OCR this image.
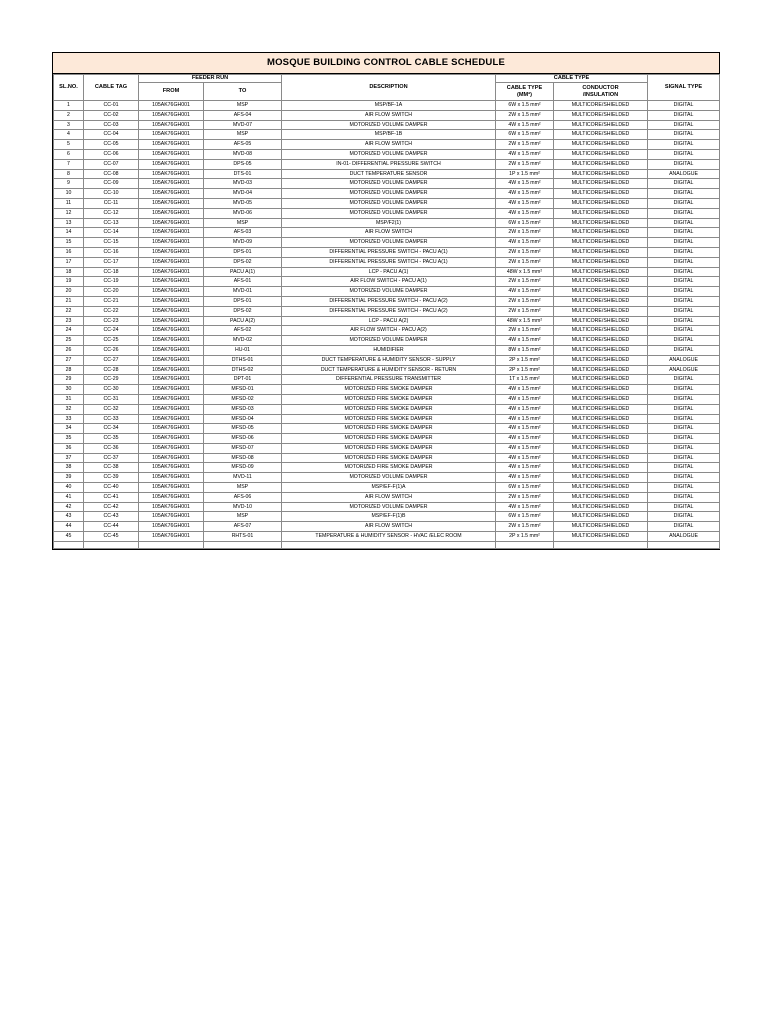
MOSQUE BUILDING CONTROL CABLE SCHEDULE
SL.NO.	CABLE TAG	FEEDER RUN		DESCRIPTION	CABLE TYPE		SIGNAL TYPE
		FROM	TO		CABLE TYPE (MM²)	CONDUCTOR /INSULATION	
1	CC-01	105AK76GH001	MSP	MSP/BF-1A	6W x 1.5 mm²	MULTICORE/SHIELDED	DIGITAL
2	CC-02	105AK76GH001	AFS-04	AIR FLOW SWITCH	2W x 1.5 mm²	MULTICORE/SHIELDED	DIGITAL
3	CC-03	105AK76GH001	MVD-07	MOTORIZED VOLUME DAMPER	4W x 1.5 mm²	MULTICORE/SHIELDED	DIGITAL
4	CC-04	105AK76GH001	MSP	MSP/BF-1B	6W x 1.5 mm²	MULTICORE/SHIELDED	DIGITAL
5	CC-05	105AK76GH001	AFS-05	AIR FLOW SWITCH	2W x 1.5 mm²	MULTICORE/SHIELDED	DIGITAL
6	CC-06	105AK76GH001	MVD-08	MOTORIZED VOLUME DAMPER	4W x 1.5 mm²	MULTICORE/SHIELDED	DIGITAL
7	CC-07	105AK76GH001	DPS-05	IN-01- DIFFERENTIAL PRESSURE SWITCH	2W x 1.5 mm²	MULTICORE/SHIELDED	DIGITAL
8	CC-08	105AK76GH001	DTS-01	DUCT TEMPERATURE SENSOR	1P x 1.5 mm²	MULTICORE/SHIELDED	ANALOGUE
9	CC-09	105AK76GH001	MVD-03	MOTORIZED VOLUME DAMPER	4W x 1.5 mm²	MULTICORE/SHIELDED	DIGITAL
10	CC-10	105AK76GH001	MVD-04	MOTORIZED VOLUME DAMPER	4W x 1.5 mm²	MULTICORE/SHIELDED	DIGITAL
11	CC-11	105AK76GH001	MVD-05	MOTORIZED VOLUME DAMPER	4W x 1.5 mm²	MULTICORE/SHIELDED	DIGITAL
12	CC-12	105AK76GH001	MVD-06	MOTORIZED VOLUME DAMPER	4W x 1.5 mm²	MULTICORE/SHIELDED	DIGITAL
13	CC-13	105AK76GH001	MSP	MSP/F2(1)	6W x 1.5 mm²	MULTICORE/SHIELDED	DIGITAL
14	CC-14	105AK76GH001	AFS-03	AIR FLOW SWITCH	2W x 1.5 mm²	MULTICORE/SHIELDED	DIGITAL
15	CC-15	105AK76GH001	MVD-09	MOTORIZED VOLUME DAMPER	4W x 1.5 mm²	MULTICORE/SHIELDED	DIGITAL
16	CC-16	105AK76GH001	DPS-01	DIFFERENTIAL PRESSURE SWITCH - PACU A(1)	2W x 1.5 mm²	MULTICORE/SHIELDED	DIGITAL
17	CC-17	105AK76GH001	DPS-02	DIFFERENTIAL PRESSURE SWITCH - PACU A(1)	2W x 1.5 mm²	MULTICORE/SHIELDED	DIGITAL
18	CC-18	105AK76GH001	PACU A(1)	LCP - PACU A(1)	48W x 1.5 mm²	MULTICORE/SHIELDED	DIGITAL
19	CC-19	105AK76GH001	AFS-01	AIR FLOW SWITCH - PACU A(1)	2W x 1.5 mm²	MULTICORE/SHIELDED	DIGITAL
20	CC-20	105AK76GH001	MVD-01	MOTORIZED VOLUME DAMPER	4W x 1.5 mm²	MULTICORE/SHIELDED	DIGITAL
21	CC-21	105AK76GH001	DPS-01	DIFFERENTIAL PRESSURE SWITCH - PACU A(2)	2W x 1.5 mm²	MULTICORE/SHIELDED	DIGITAL
22	CC-22	105AK76GH001	DPS-02	DIFFERENTIAL PRESSURE SWITCH - PACU A(2)	2W x 1.5 mm²	MULTICORE/SHIELDED	DIGITAL
23	CC-23	105AK76GH001	PACU A(2)	LCP - PACU A(2)	48W x 1.5 mm²	MULTICORE/SHIELDED	DIGITAL
24	CC-24	105AK76GH001	AFS-02	AIR FLOW SWITCH - PACU A(2)	2W x 1.5 mm²	MULTICORE/SHIELDED	DIGITAL
25	CC-25	105AK76GH001	MVD-02	MOTORIZED VOLUME DAMPER	4W x 1.5 mm²	MULTICORE/SHIELDED	DIGITAL
26	CC-26	105AK76GH001	HU-01	HUMIDIFIER	8W x 1.5 mm²	MULTICORE/SHIELDED	DIGITAL
27	CC-27	105AK76GH001	DTHS-01	DUCT TEMPERATURE & HUMIDITY SENSOR - SUPPLY	2P x 1.5 mm²	MULTICORE/SHIELDED	ANALOGUE
28	CC-28	105AK76GH001	DTHS-02	DUCT TEMPERATURE & HUMIDITY SENSOR - RETURN	2P x 1.5 mm²	MULTICORE/SHIELDED	ANALOGUE
29	CC-29	105AK76GH001	DPT-01	DIFFERENTIAL PRESSURE TRANSMITTER	1T x 1.5 mm²	MULTICORE/SHIELDED	DIGITAL
30	CC-30	105AK76GH001	MFSD-01	MOTORIZED FIRE SMOKE DAMPER	4W x 1.5 mm²	MULTICORE/SHIELDED	DIGITAL
31	CC-31	105AK76GH001	MFSD-02	MOTORIZED FIRE SMOKE DAMPER	4W x 1.5 mm²	MULTICORE/SHIELDED	DIGITAL
32	CC-32	105AK76GH001	MFSD-03	MOTORIZED FIRE SMOKE DAMPER	4W x 1.5 mm²	MULTICORE/SHIELDED	DIGITAL
33	CC-33	105AK76GH001	MFSD-04	MOTORIZED FIRE SMOKE DAMPER	4W x 1.5 mm²	MULTICORE/SHIELDED	DIGITAL
34	CC-34	105AK76GH001	MFSD-05	MOTORIZED FIRE SMOKE DAMPER	4W x 1.5 mm²	MULTICORE/SHIELDED	DIGITAL
35	CC-35	105AK76GH001	MFSD-06	MOTORIZED FIRE SMOKE DAMPER	4W x 1.5 mm²	MULTICORE/SHIELDED	DIGITAL
36	CC-36	105AK76GH001	MFSD-07	MOTORIZED FIRE SMOKE DAMPER	4W x 1.5 mm²	MULTICORE/SHIELDED	DIGITAL
37	CC-37	105AK76GH001	MFSD-08	MOTORIZED FIRE SMOKE DAMPER	4W x 1.5 mm²	MULTICORE/SHIELDED	DIGITAL
38	CC-38	105AK76GH001	MFSD-09	MOTORIZED FIRE SMOKE DAMPER	4W x 1.5 mm²	MULTICORE/SHIELDED	DIGITAL
39	CC-39	105AK76GH001	MVD-11	MOTORIZED VOLUME DAMPER	4W x 1.5 mm²	MULTICORE/SHIELDED	DIGITAL
40	CC-40	105AK76GH001	MSP	MSP/EF-F(1)A	6W x 1.5 mm²	MULTICORE/SHIELDED	DIGITAL
41	CC-41	105AK76GH001	AFS-06	AIR FLOW SWITCH	2W x 1.5 mm²	MULTICORE/SHIELDED	DIGITAL
42	CC-42	105AK76GH001	MVD-10	MOTORIZED VOLUME DAMPER	4W x 1.5 mm²	MULTICORE/SHIELDED	DIGITAL
43	CC-43	105AK76GH001	MSP	MSP/EF-F(1)B	6W x 1.5 mm²	MULTICORE/SHIELDED	DIGITAL
44	CC-44	105AK76GH001	AFS-07	AIR FLOW SWITCH	2W x 1.5 mm²	MULTICORE/SHIELDED	DIGITAL
45	CC-45	105AK76GH001	RHTS-01	TEMPERATURE & HUMIDITY SENSOR - HVAC /ELEC ROOM	2P x 1.5 mm²	MULTICORE/SHIELDED	ANALOGUE
